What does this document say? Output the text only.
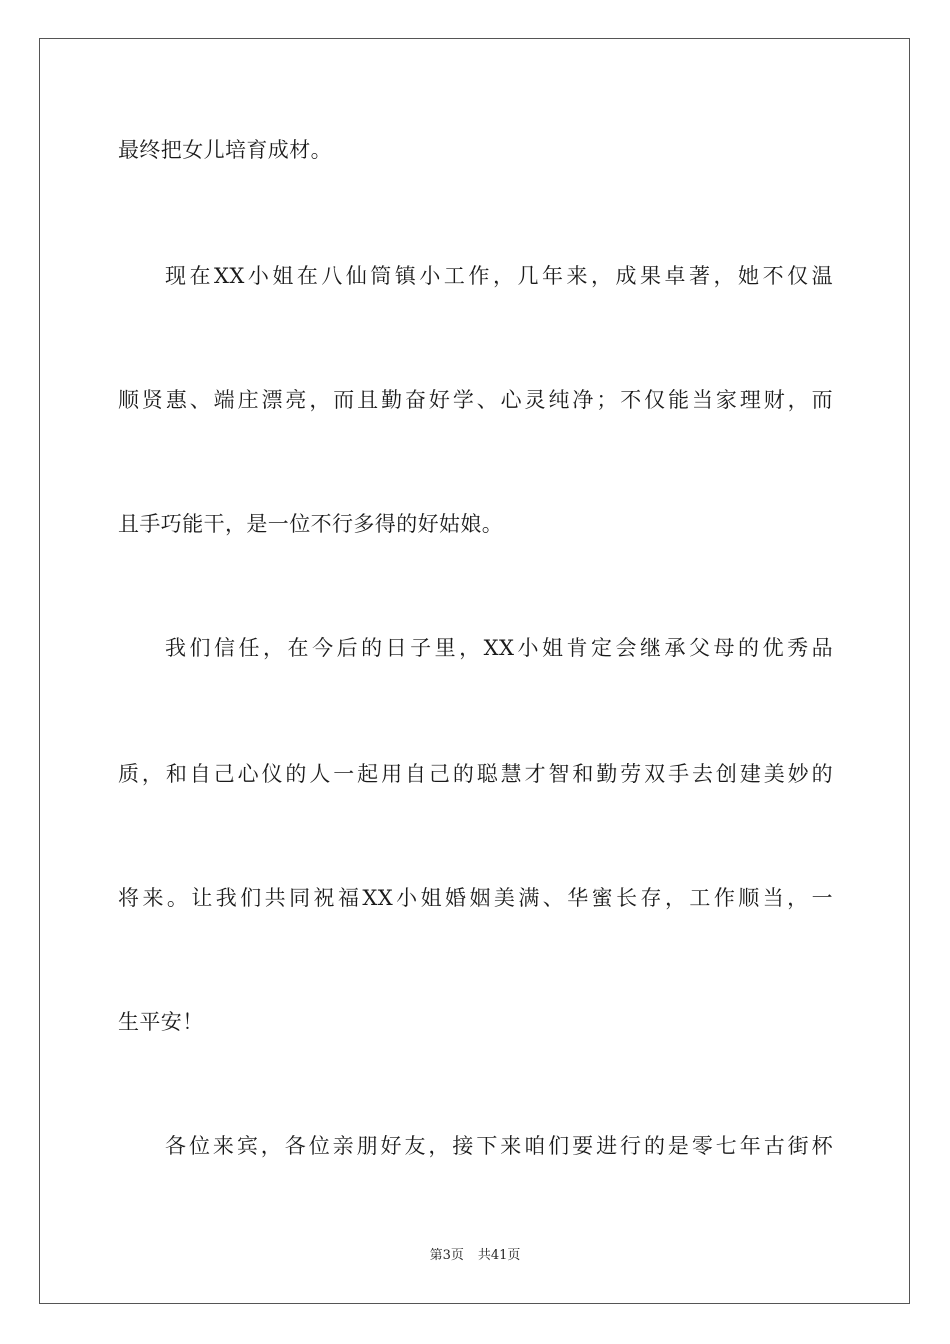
最终把女儿培育成材。
现在XX小姐在八仙筒镇小工作，几年来，成果卓著，她不仅温
顺贤惠、端庄漂亮，而且勤奋好学、心灵纯净；不仅能当家理财，而
且手巧能干，是一位不行多得的好姑娘。
我们信任，在今后的日子里，XX小姐肯定会继承父母的优秀品
质，和自己心仪的人一起用自己的聪慧才智和勤劳双手去创建美妙的
将来。让我们共同祝福XX小姐婚姻美满、华蜜长存，工作顺当，一
生平安！
各位来宾，各位亲朋好友，接下来咱们要进行的是零七年古街杯
第3页 共41页
